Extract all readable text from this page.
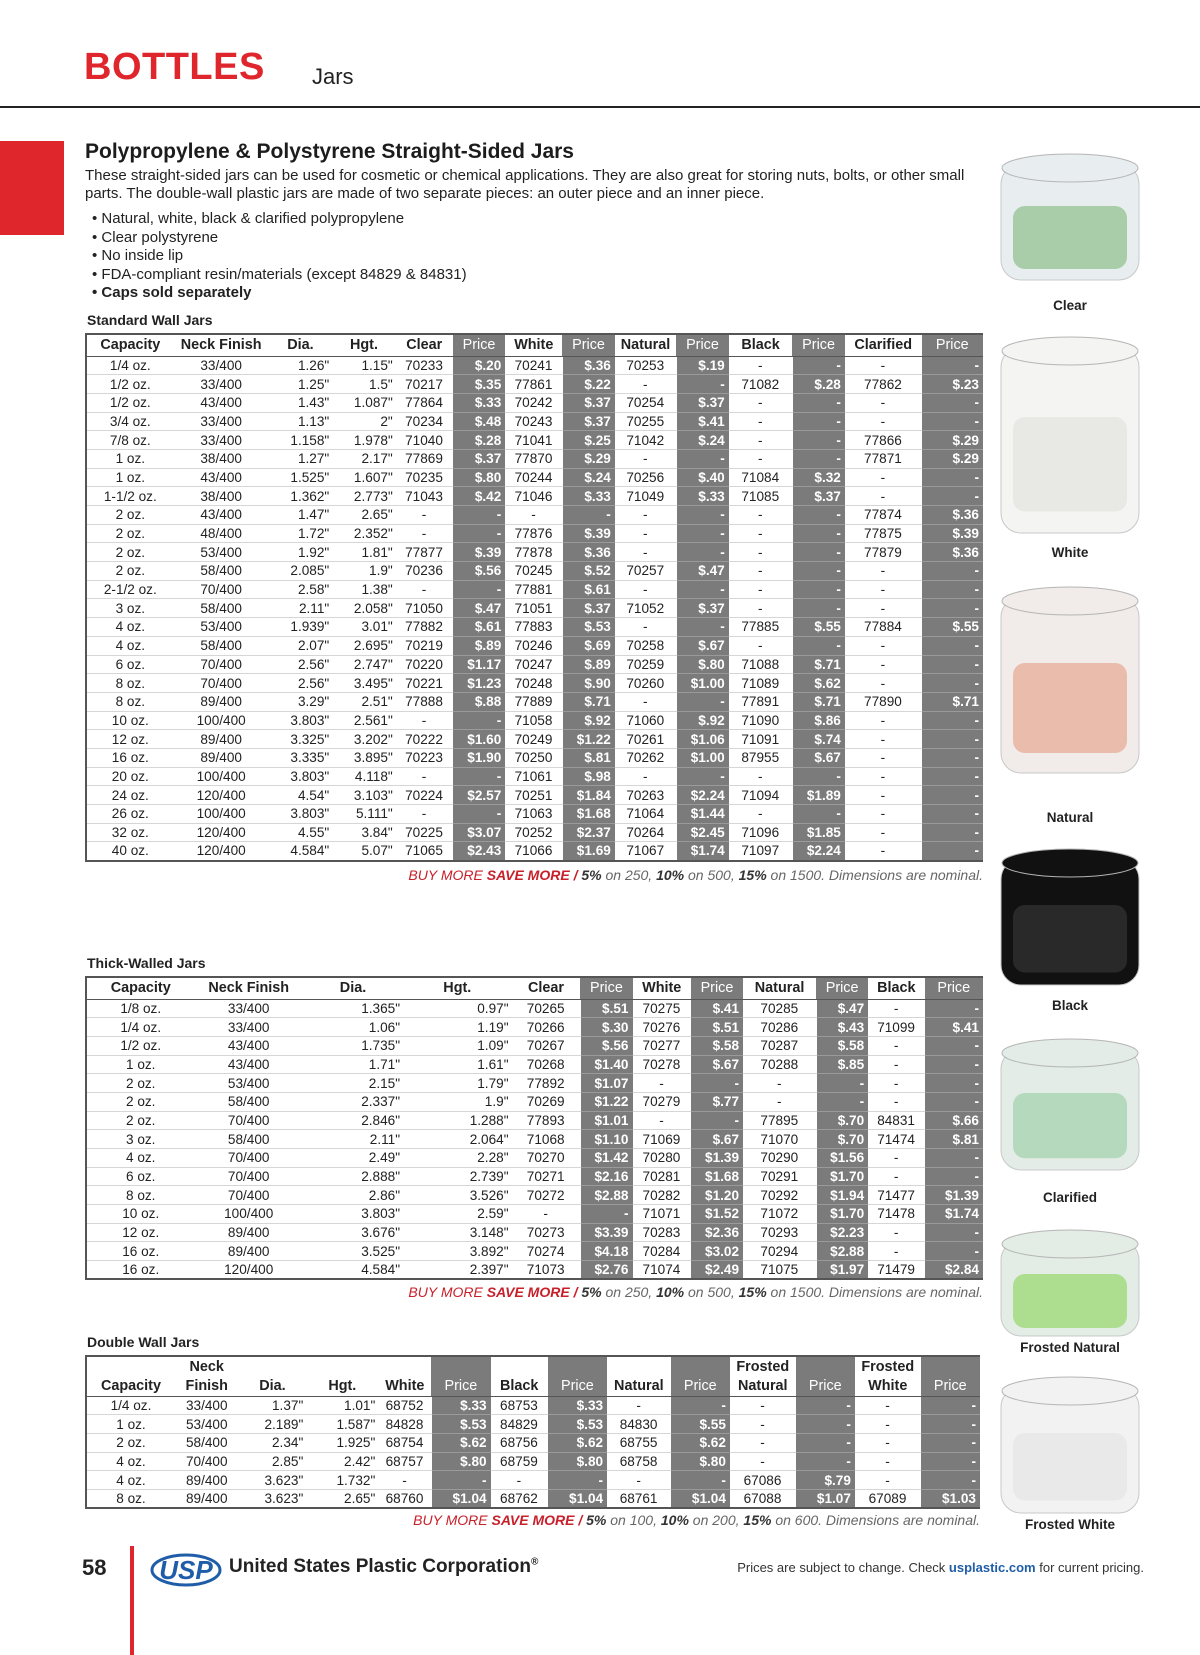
BOTTLES Jars
Polypropylene & Polystyrene Straight-Sided Jars
These straight-sided jars can be used for cosmetic or chemical applications. They are also great for storing nuts, bolts, or other small parts. The double-wall plastic jars are made of two separate pieces: an outer piece and an inner piece.
• Natural, white, black & clarified polypropylene
• Clear polystyrene
• No inside lip
• FDA-compliant resin/materials (except 84829 & 84831)
• Caps sold separately
Standard Wall Jars
Capacity	Neck Finish	Dia.	Hgt.	Clear	Price	White	Price	Natural	Price	Black	Price	Clarified	Price
1/4 oz.	33/400	1.26"	1.15"	70233	$.20	70241	$.36	70253	$.19	-	-	-	-
1/2 oz.	33/400	1.25"	1.5"	70217	$.35	77861	$.22	-	-	71082	$.28	77862	$.23
1/2 oz.	43/400	1.43"	1.087"	77864	$.33	70242	$.37	70254	$.37	-	-	-	-
3/4 oz.	33/400	1.13"	2"	70234	$.48	70243	$.37	70255	$.41	-	-	-	-
7/8 oz.	33/400	1.158"	1.978"	71040	$.28	71041	$.25	71042	$.24	-	-	77866	$.29
1 oz.	38/400	1.27"	2.17"	77869	$.37	77870	$.29	-	-	-	-	77871	$.29
1 oz.	43/400	1.525"	1.607"	70235	$.80	70244	$.24	70256	$.40	71084	$.32	-	-
1-1/2 oz.	38/400	1.362"	2.773"	71043	$.42	71046	$.33	71049	$.33	71085	$.37	-	-
2 oz.	43/400	1.47"	2.65"	-	-	-	-	-	-	-	-	77874	$.36
2 oz.	48/400	1.72"	2.352"	-	-	77876	$.39	-	-	-	-	77875	$.39
2 oz.	53/400	1.92"	1.81"	77877	$.39	77878	$.36	-	-	-	-	77879	$.36
2 oz.	58/400	2.085"	1.9"	70236	$.56	70245	$.52	70257	$.47	-	-	-	-
2-1/2 oz.	70/400	2.58"	1.38"	-	-	77881	$.61	-	-	-	-	-	-
3 oz.	58/400	2.11"	2.058"	71050	$.47	71051	$.37	71052	$.37	-	-	-	-
4 oz.	53/400	1.939"	3.01"	77882	$.61	77883	$.53	-	-	77885	$.55	77884	$.55
4 oz.	58/400	2.07"	2.695"	70219	$.89	70246	$.69	70258	$.67	-	-	-	-
6 oz.	70/400	2.56"	2.747"	70220	$1.17	70247	$.89	70259	$.80	71088	$.71	-	-
8 oz.	70/400	2.56"	3.495"	70221	$1.23	70248	$.90	70260	$1.00	71089	$.62	-	-
8 oz.	89/400	3.29"	2.51"	77888	$.88	77889	$.71	-	-	77891	$.71	77890	$.71
10 oz.	100/400	3.803"	2.561"	-	-	71058	$.92	71060	$.92	71090	$.86	-	-
12 oz.	89/400	3.325"	3.202"	70222	$1.60	70249	$1.22	70261	$1.06	71091	$.74	-	-
16 oz.	89/400	3.335"	3.895"	70223	$1.90	70250	$.81	70262	$1.00	87955	$.67	-	-
20 oz.	100/400	3.803"	4.118"	-	-	71061	$.98	-	-	-	-	-	-
24 oz.	120/400	4.54"	3.103"	70224	$2.57	70251	$1.84	70263	$2.24	71094	$1.89	-	-
26 oz.	100/400	3.803"	5.111"	-	-	71063	$1.68	71064	$1.44	-	-	-	-
32 oz.	120/400	4.55"	3.84"	70225	$3.07	70252	$2.37	70264	$2.45	71096	$1.85	-	-
40 oz.	120/400	4.584"	5.07"	71065	$2.43	71066	$1.69	71067	$1.74	71097	$2.24	-	-
BUY MORE SAVE MORE / 5% on 250, 10% on 500, 15% on 1500. Dimensions are nominal.
Thick-Walled Jars
Capacity	Neck Finish	Dia.	Hgt.	Clear	Price	White	Price	Natural	Price	Black	Price
1/8 oz.	33/400	1.365"	0.97"	70265	$.51	70275	$.41	70285	$.47	-	-
1/4 oz.	33/400	1.06"	1.19"	70266	$.30	70276	$.51	70286	$.43	71099	$.41
1/2 oz.	43/400	1.735"	1.09"	70267	$.56	70277	$.58	70287	$.58	-	-
1 oz.	43/400	1.71"	1.61"	70268	$1.40	70278	$.67	70288	$.85	-	-
2 oz.	53/400	2.15"	1.79"	77892	$1.07	-	-	-	-	-	-
2 oz.	58/400	2.337"	1.9"	70269	$1.22	70279	$.77	-	-	-	-
2 oz.	70/400	2.846"	1.288"	77893	$1.01	-	-	77895	$.70	84831	$.66
3 oz.	58/400	2.11"	2.064"	71068	$1.10	71069	$.67	71070	$.70	71474	$.81
4 oz.	70/400	2.49"	2.28"	70270	$1.42	70280	$1.39	70290	$1.56	-	-
6 oz.	70/400	2.888"	2.739"	70271	$2.16	70281	$1.68	70291	$1.70	-	-
8 oz.	70/400	2.86"	3.526"	70272	$2.88	70282	$1.20	70292	$1.94	71477	$1.39
10 oz.	100/400	3.803"	2.59"	-	-	71071	$1.52	71072	$1.70	71478	$1.74
12 oz.	89/400	3.676"	3.148"	70273	$3.39	70283	$2.36	70293	$2.23	-	-
16 oz.	89/400	3.525"	3.892"	70274	$4.18	70284	$3.02	70294	$2.88	-	-
16 oz.	120/400	4.584"	2.397"	71073	$2.76	71074	$2.49	71075	$1.97	71479	$2.84
BUY MORE SAVE MORE / 5% on 250, 10% on 500, 15% on 1500. Dimensions are nominal.
Double Wall Jars
	Neck									Frosted		Frosted	
Capacity	Finish	Dia.	Hgt.	White	Price	Black	Price	Natural	Price	Natural	Price	White	Price
1/4 oz.	33/400	1.37"	1.01"	68752	$.33	68753	$.33	-	-	-	-	-	-
1 oz.	53/400	2.189"	1.587"	84828	$.53	84829	$.53	84830	$.55	-	-	-	-
2 oz.	58/400	2.34"	1.925"	68754	$.62	68756	$.62	68755	$.62	-	-	-	-
4 oz.	70/400	2.85"	2.42"	68757	$.80	68759	$.80	68758	$.80	-	-	-	-
4 oz.	89/400	3.623"	1.732"	-	-	-	-	-	-	67086	$.79	-	-
8 oz.	89/400	3.623"	2.65"	68760	$1.04	68762	$1.04	68761	$1.04	67088	$1.07	67089	$1.03
BUY MORE SAVE MORE / 5% on 100, 10% on 200, 15% on 600. Dimensions are nominal.
Clear
White
Natural
Black
Clarified
Frosted Natural
Frosted White
58 USP United States Plastic Corporation®	Prices are subject to change. Check usplastic.com for current pricing.
